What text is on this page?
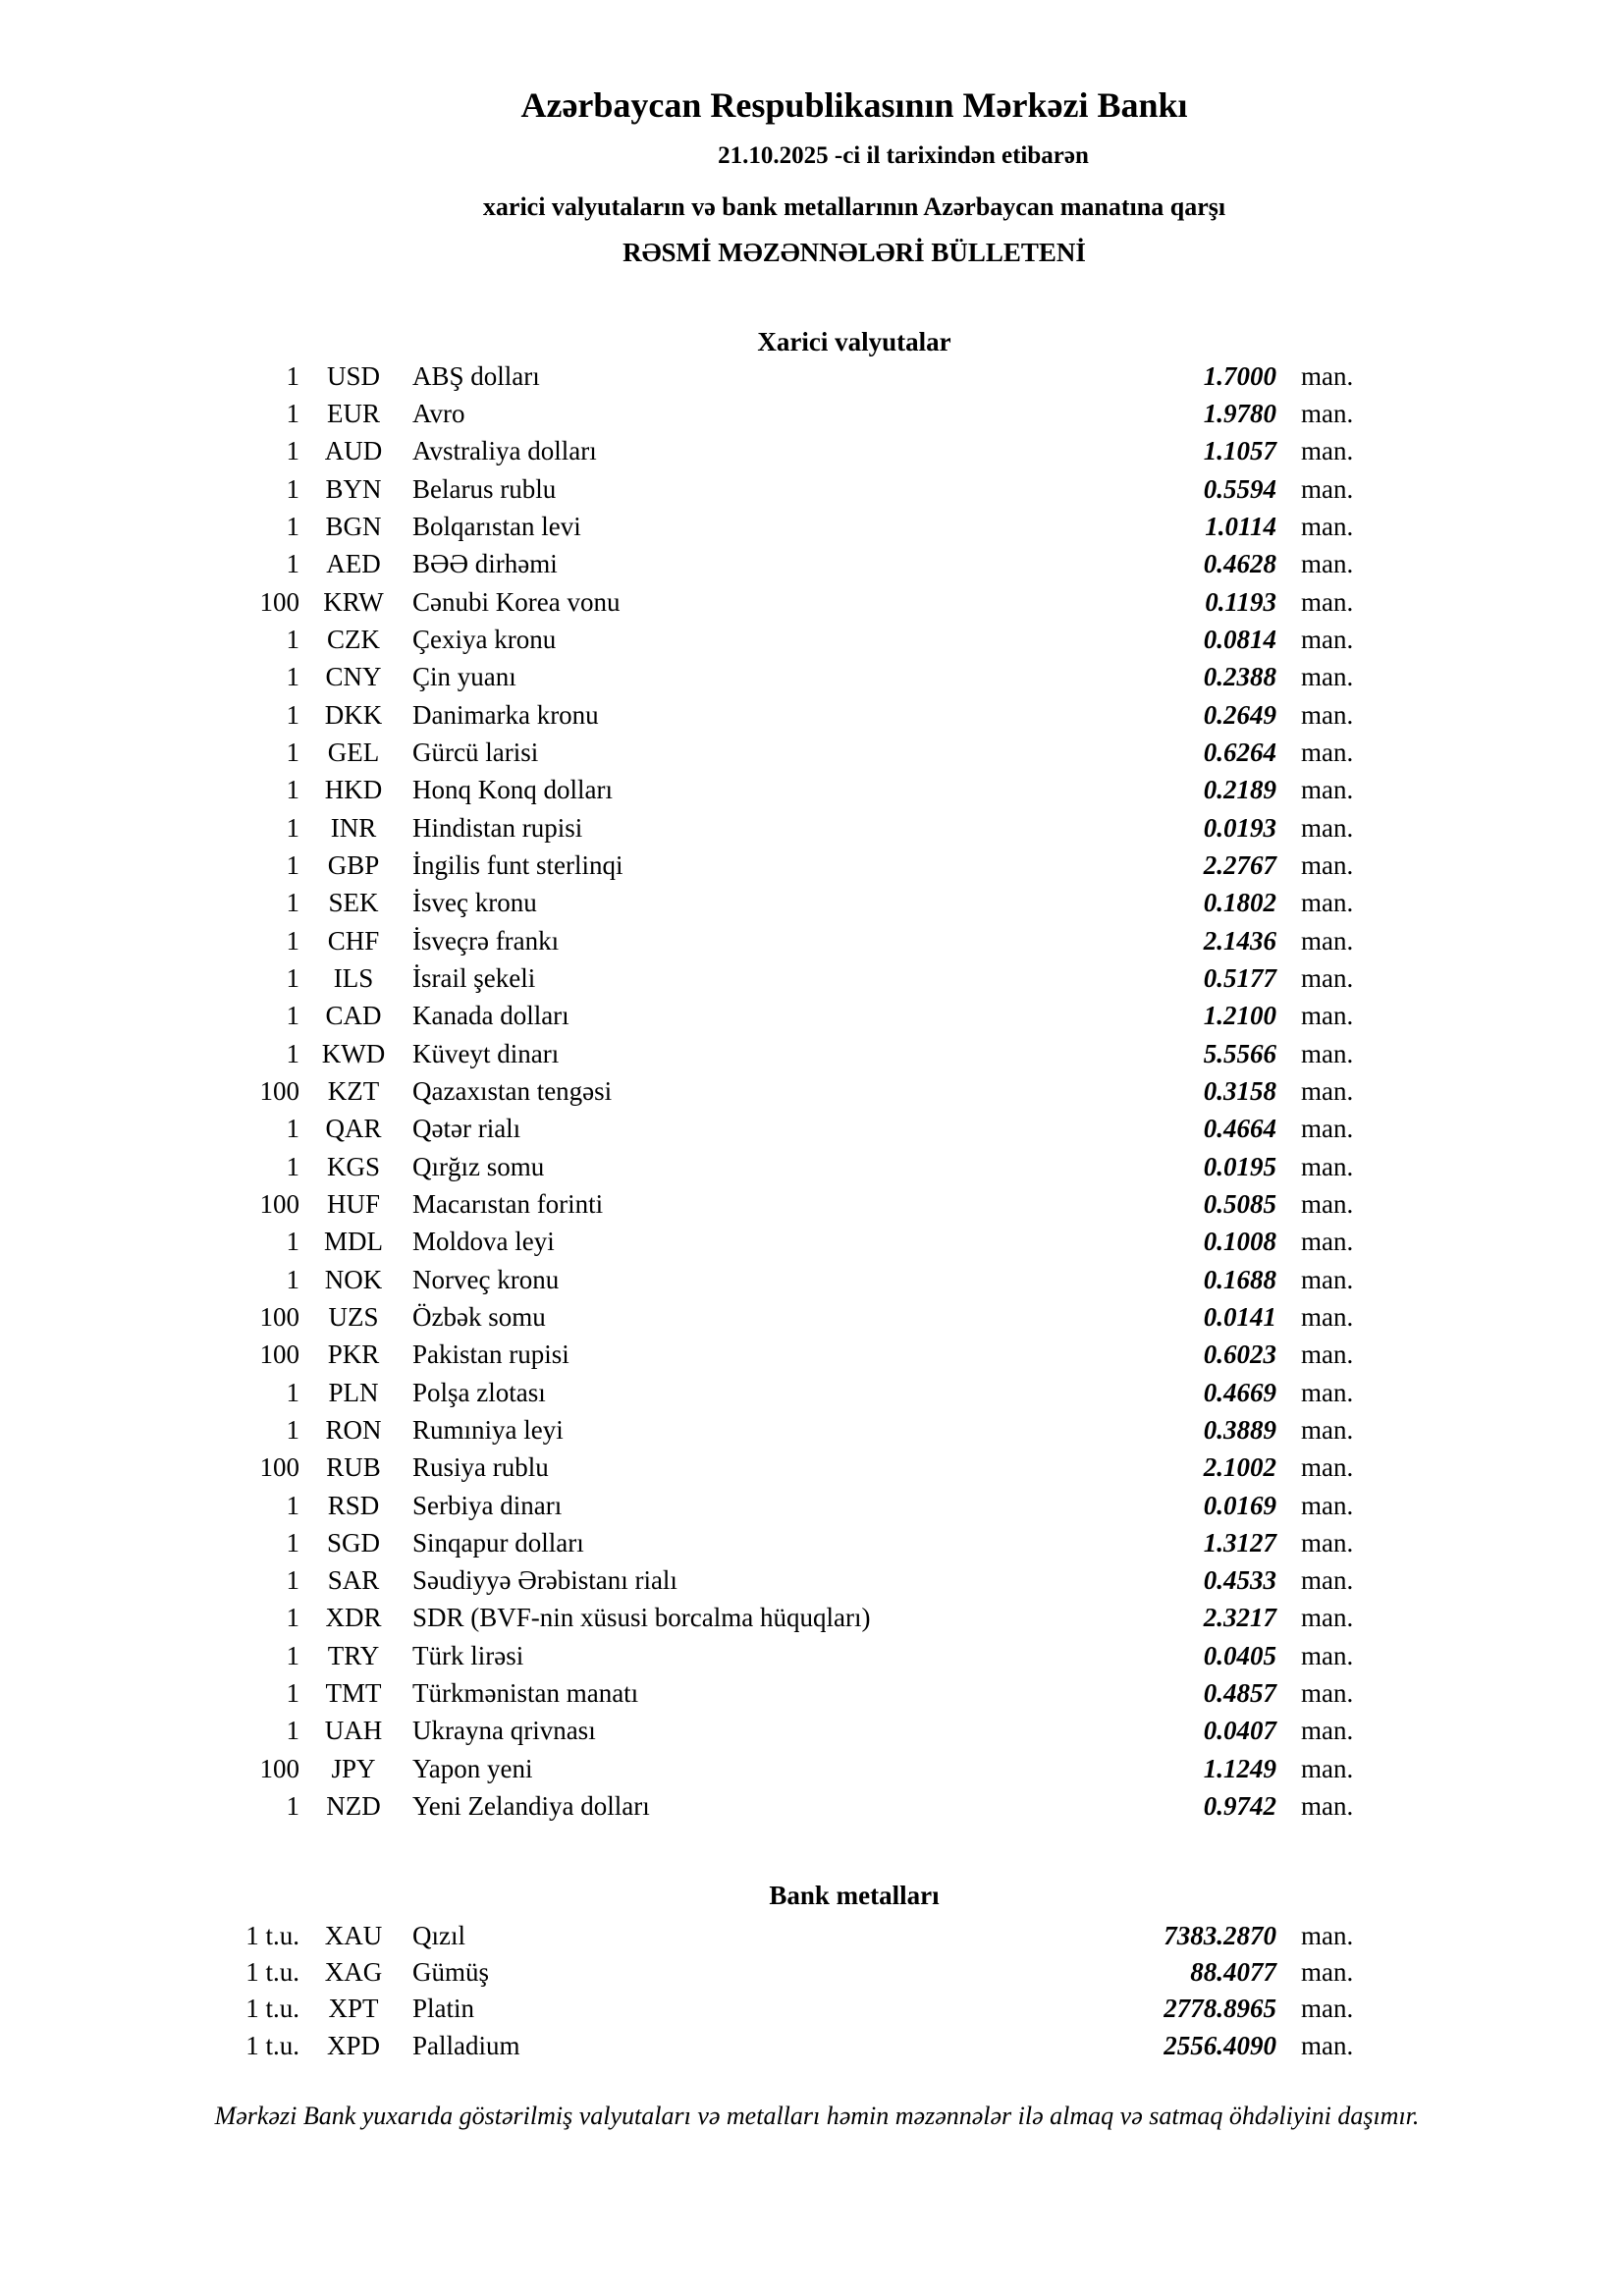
Azərbaycan Respublikasının Mərkəzi Bankı
21.10.2025 -ci il tarixindən etibarən
xarici valyutaların və bank metallarının Azərbaycan manatına qarşı
RƏSMİ MƏZƏNNƏLƏRİ BÜLLETENİ
Xarici valyutalar
1	USD	ABŞ dolları	1.7000 man.
1	EUR	Avro	1.9780 man.
1 AUD	Avstraliya dolları	1.1057 man.
1 BYN	Belarus rublu	0.5594 man.
1 BGN	Bolqarıstan levi	1.0114 man.
1	AED	BƏƏ dirhəmi	0.4628 man.
100 KRW	Cənubi Korea vonu	0.1193 man.
1	CZK	Çexiya kronu	0.0814 man.
1 CNY	Çin yuanı	0.2388 man.
1 DKK	Danimarka kronu	0.2649 man.
1	GEL	Gürcü larisi	0.6264 man.
1 HKD	Honq Konq dolları	0.2189 man.
1	INR	Hindistan rupisi	0.0193 man.
1	GBP	İngilis funt sterlinqi	2.2767 man.
1	SEK	İsveç kronu	0.1802 man.
1	CHF	İsveçrə frankı	2.1436 man.
1	ILS	İsrail şekeli	0.5177 man.
1 CAD	Kanada dolları	1.2100 man.
1 KWD	Küveyt dinarı	5.5566 man.
100	KZT	Qazaxıstan tengəsi	0.3158 man.
1 QAR	Qətər rialı	0.4664 man.
1	KGS	Qırğız somu	0.0195 man.
100	HUF	Macarıstan forinti	0.5085 man.
1 MDL	Moldova leyi	0.1008 man.
1 NOK	Norveç kronu	0.1688 man.
100	UZS	Özbək somu	0.0141 man.
100	PKR	Pakistan rupisi	0.6023 man.
1	PLN	Polşa zlotası	0.4669 man.
1 RON	Rumıniya leyi	0.3889 man.
100	RUB	Rusiya rublu	2.1002 man.
1	RSD	Serbiya dinarı	0.0169 man.
1	SGD	Sinqapur dolları	1.3127 man.
1	SAR	Səudiyyə Ərəbistanı rialı	0.4533 man.
1 XDR	SDR (BVF-nin xüsusi borcalma hüquqları)	2.3217 man.
1	TRY	Türk lirəsi	0.0405 man.
1 TMT	Türkmənistan manatı	0.4857 man.
1 UAH	Ukrayna qrivnası	0.0407 man.
100	JPY	Yapon yeni	1.1249 man.
1	NZD	Yeni Zelandiya dolları	0.9742 man.
Bank metalları
1 t.u. XAU	Qızıl	7383.2870 man.
1 t.u. XAG	Gümüş	88.4077 man.
1 t.u.	XPT	Platin	2778.8965 man.
1 t.u.	XPD	Palladium	2556.4090 man.
Mərkəzi Bank yuxarıda göstərilmiş valyutaları və metalları həmin məzənnələr ilə almaq və satmaq öhdəliyini daşımır.
